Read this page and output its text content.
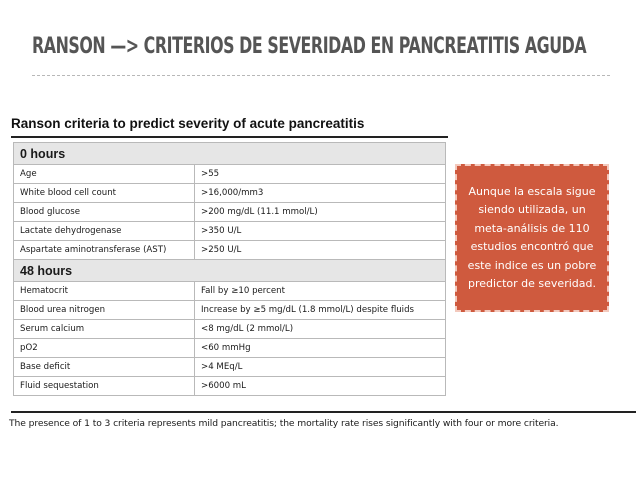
RANSON —> CRITERIOS DE SEVERIDAD EN PANCREATITIS AGUDA
Ranson criteria to predict severity of acute pancreatitis
0 hours	
Age	>55
White blood cell count	>16,000/mm3
Blood glucose	>200 mg/dL (11.1 mmol/L)
Lactate dehydrogenase	>350 U/L
Aspartate aminotransferase (AST)	>250 U/L
48 hours	
Hematocrit	Fall by ≥10 percent
Blood urea nitrogen	Increase by ≥5 mg/dL (1.8 mmol/L) despite fluids
Serum calcium	<8 mg/dL (2 mmol/L)
pO2	<60 mmHg
Base deficit	>4 MEq/L
Fluid sequestation	>6000 mL

The presence of 1 to 3 criteria represents mild pancreatitis; the mortality rate rises significantly with four or more criteria.

Aunque la escala sigue siendo utilizada, un meta-análisis de 110 estudios encontró que este indice es un pobre predictor de severidad.
